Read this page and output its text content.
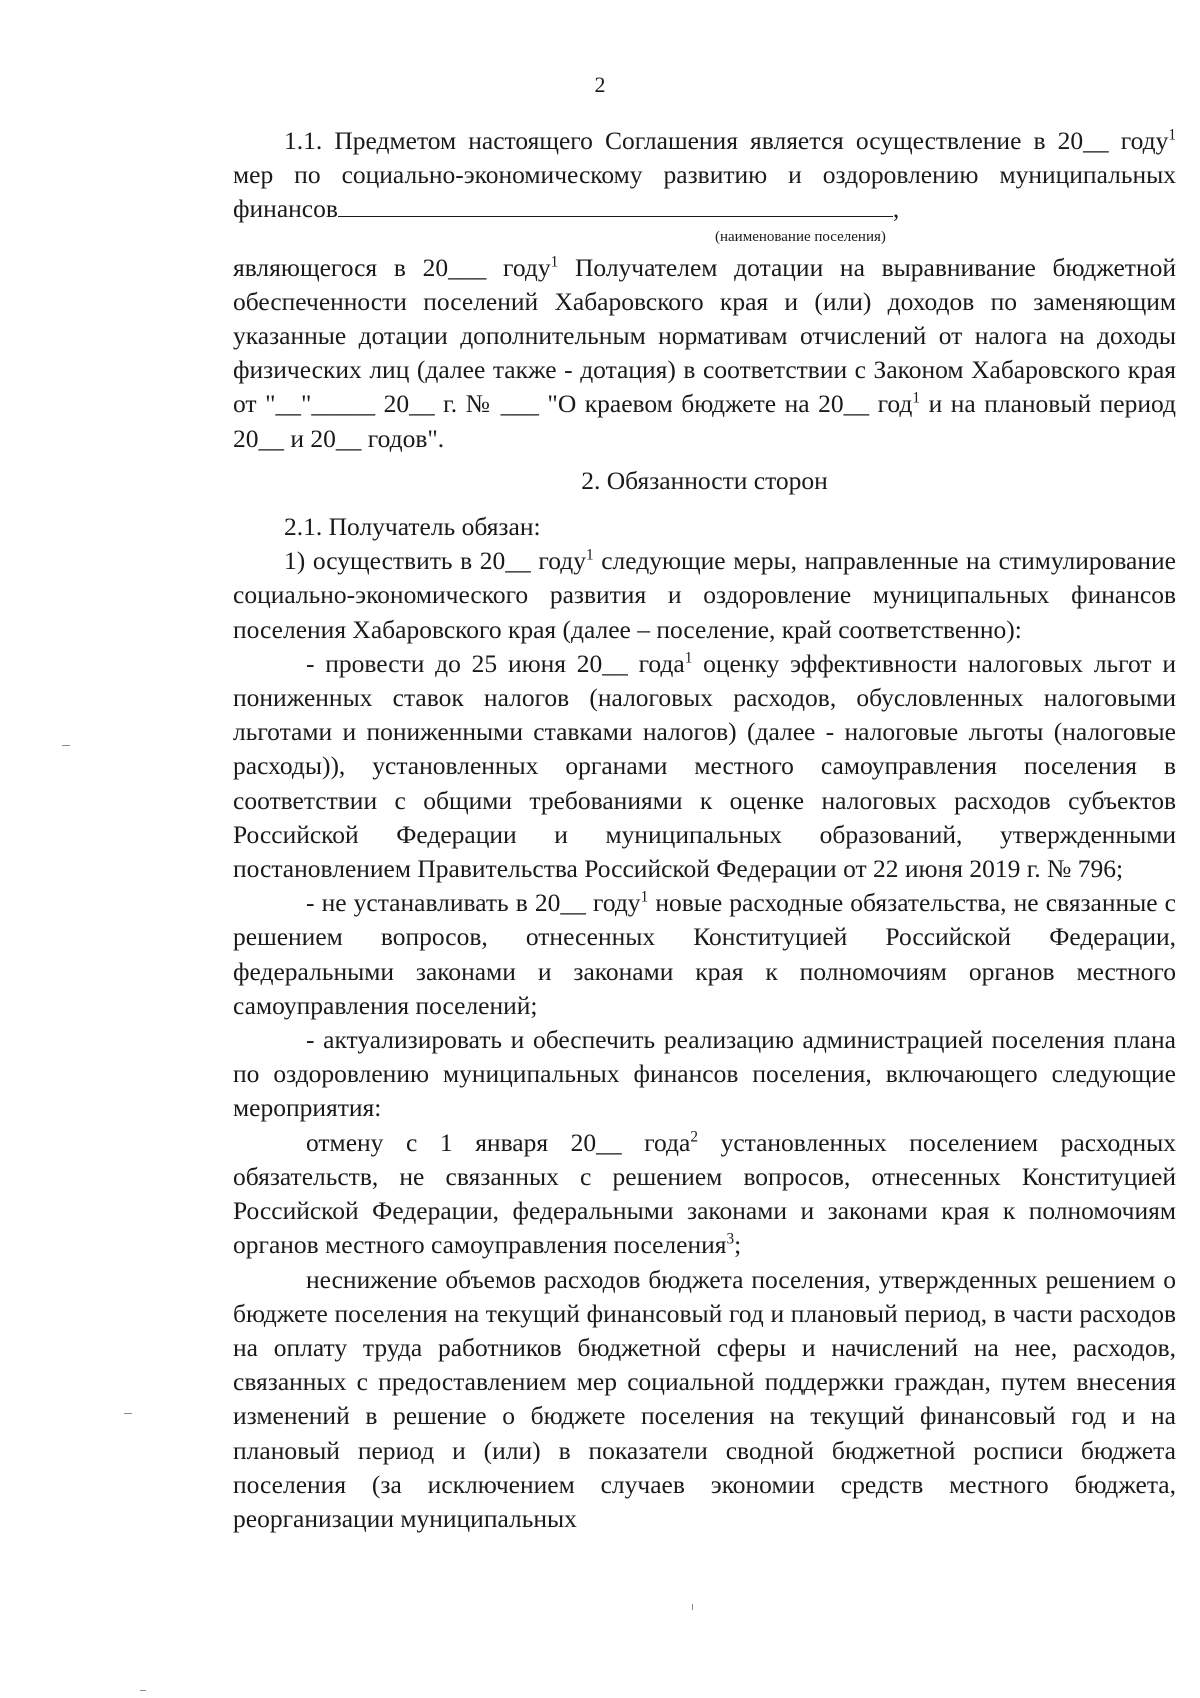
2

1.1. Предметом настоящего Соглашения является осуществление в 20__ году$^1$ мер по социально-экономическому развитию и оздоровлению муниципальных финансов	,

(наименование поселения)

являющегося в 20___ году$^1$ Получателем дотации на выравнивание бюджетной обеспеченности поселений Хабаровского края и (или) доходов по заменяющим указанные дотации дополнительным нормативам отчислений от налога на доходы физических лиц (далее также - дотация) в соответствии с Законом Хабаровского края от "__"_____ 20__ г. № ___ "О краевом бюджете на 20__ год$^1$ и на плановый период 20__ и 20__ годов".

2. Обязанности сторон

2.1. Получатель обязан:

1) осуществить в 20__ году$^1$ следующие меры, направленные на стимулирование социально-экономического развития и оздоровление муниципальных финансов поселения Хабаровского края (далее – поселение, край соответственно):

- провести до 25 июня 20__ года$^1$ оценку эффективности налоговых льгот и пониженных ставок налогов (налоговых расходов, обусловленных налоговыми льготами и пониженными ставками налогов) (далее - налоговые льготы (налоговые расходы)), установленных органами местного самоуправления поселения в соответствии с общими требованиями к оценке налоговых расходов субъектов Российской Федерации и муниципальных образований, утвержденными постановлением Правительства Российской Федерации от 22 июня 2019 г. № 796;

- не устанавливать в 20__ году$^1$ новые расходные обязательства, не связанные с решением вопросов, отнесенных Конституцией Российской Федерации, федеральными законами и законами края к полномочиям органов местного самоуправления поселений;

- актуализировать и обеспечить реализацию администрацией поселения плана по оздоровлению муниципальных финансов поселения, включающего следующие мероприятия:

отмену с 1 января 20__ года$^2$ установленных поселением расходных обязательств, не связанных с решением вопросов, отнесенных Конституцией Российской Федерации, федеральными законами и законами края к полномочиям органов местного самоуправления поселения$^3$;

неснижение объемов расходов бюджета поселения, утвержденных решением о бюджете поселения на текущий финансовый год и плановый период, в части расходов на оплату труда работников бюджетной сферы и начислений на нее, расходов, связанных с предоставлением мер социальной поддержки граждан, путем внесения изменений в решение о бюджете поселения на текущий финансовый год и на плановый период и (или) в показатели сводной бюджетной росписи бюджета поселения (за исключением случаев экономии средств местного бюджета, реорганизации муниципальных
